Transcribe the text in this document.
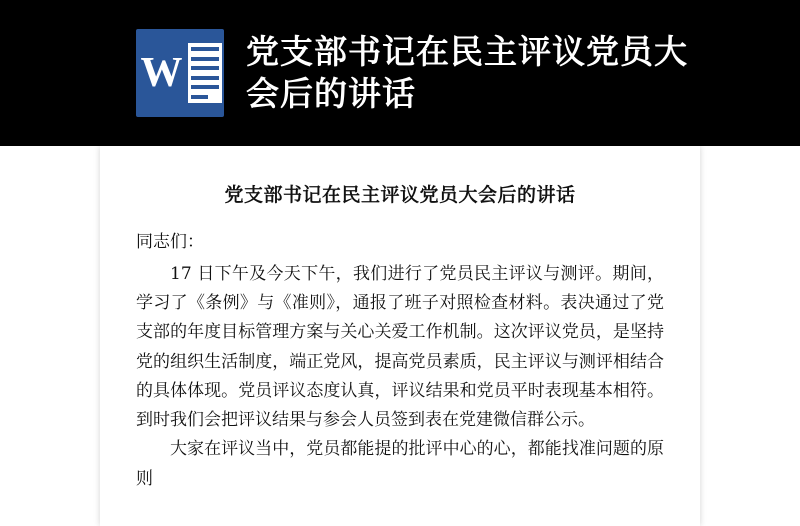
W 党支部书记在民主评议党员大会后的讲话
党支部书记在民主评议党员大会后的讲话
同志们：

17 日下午及今天下午，我们进行了党员民主评议与测评。期间，学习了《条例》与《准则》，通报了班子对照检查材料。表决通过了党支部的年度目标管理方案与关心关爱工作机制。这次评议党员，是坚持党的组织生活制度，端正党风，提高党员素质，民主评议与测评相结合的具体体现。党员评议态度认真，评议结果和党员平时表现基本相符。到时我们会把评议结果与参会人员签到表在党建微信群公示。

大家在评议当中，党员都能提的批评中心的心，都能找准问题的原则
